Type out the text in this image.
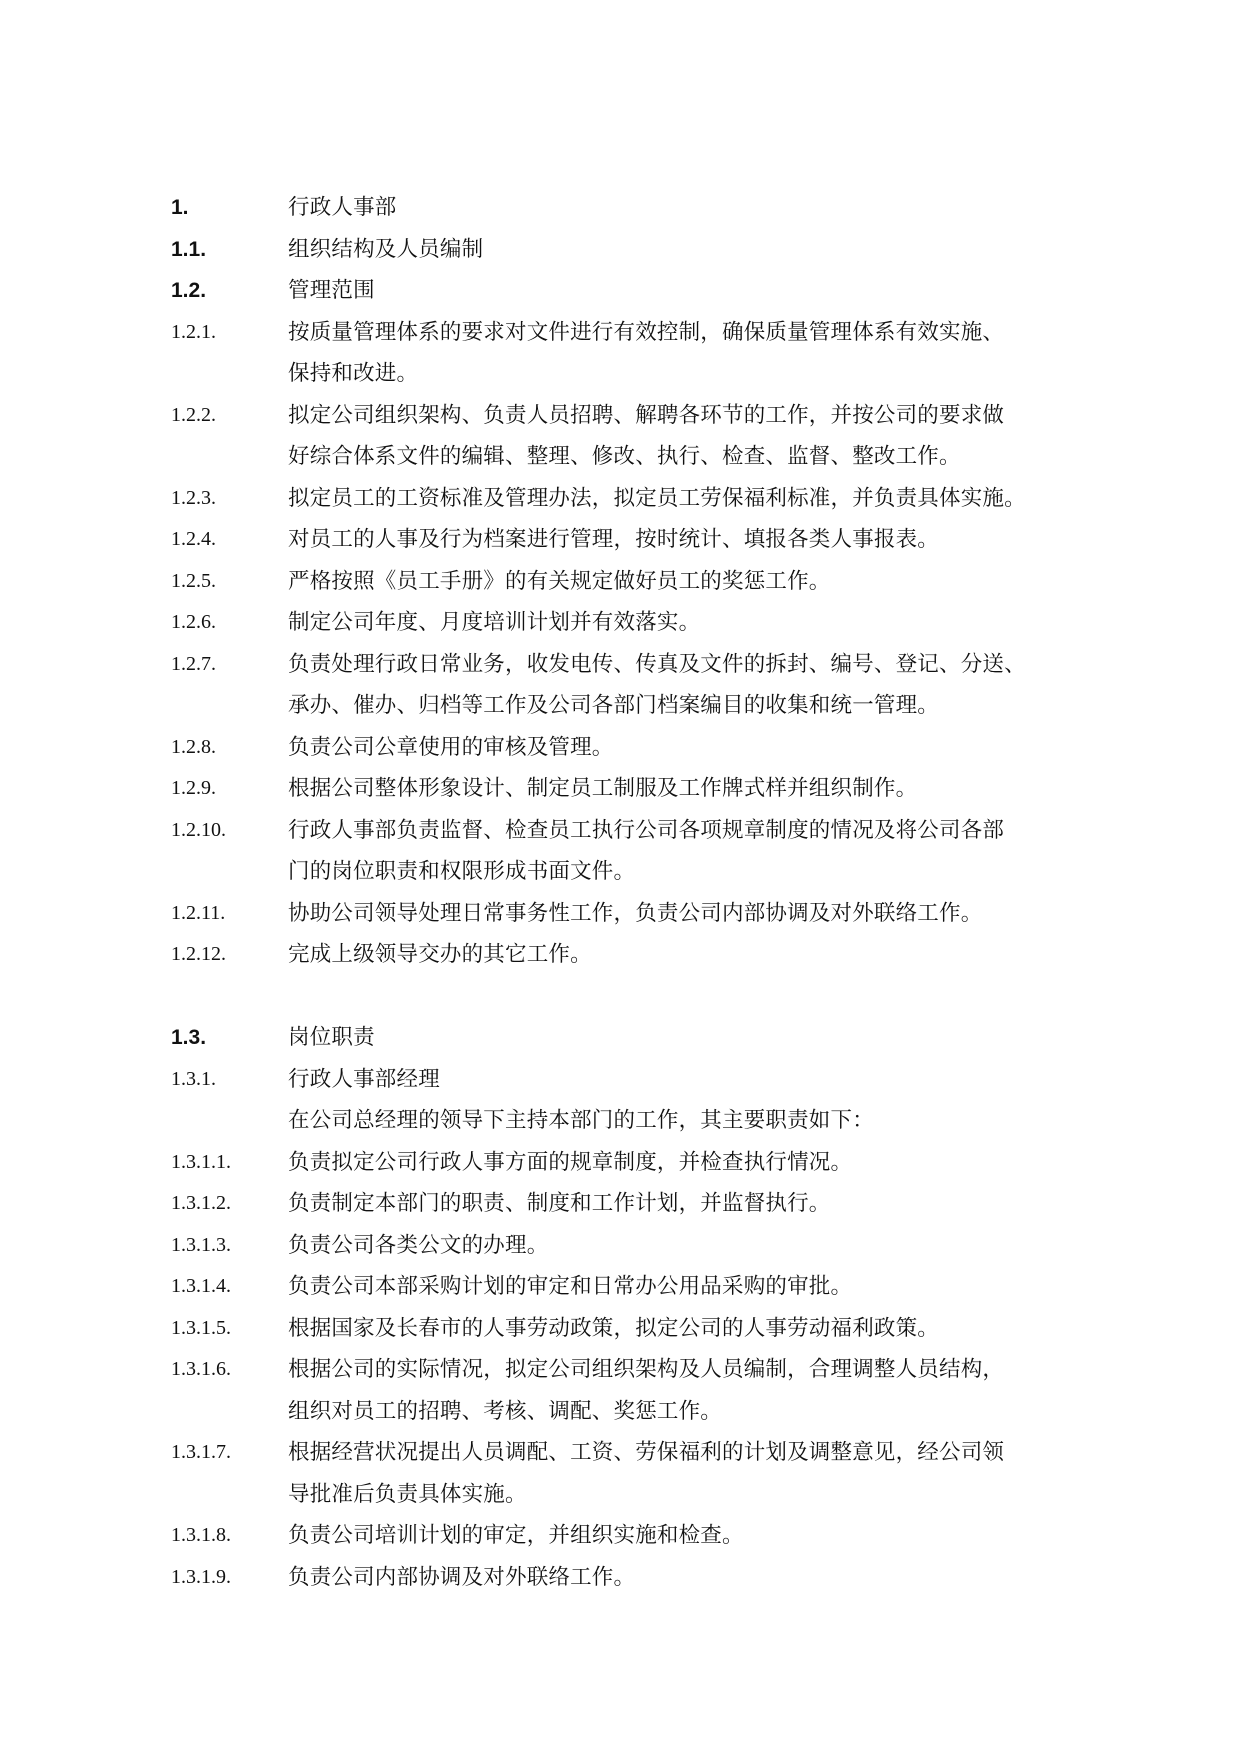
1.	行政人事部
1.1.	组织结构及人员编制
1.2.	管理范围
1.2.1.	按质量管理体系的要求对文件进行有效控制，确保质量管理体系有效实施、
保持和改进。
1.2.2.	拟定公司组织架构、负责人员招聘、解聘各环节的工作，并按公司的要求做
好综合体系文件的编辑、整理、修改、执行、检查、监督、整改工作。
1.2.3.	拟定员工的工资标准及管理办法，拟定员工劳保福利标准，并负责具体实施。
1.2.4.	对员工的人事及行为档案进行管理，按时统计、填报各类人事报表。
1.2.5.	严格按照《员工手册》的有关规定做好员工的奖惩工作。
1.2.6.	制定公司年度、月度培训计划并有效落实。
1.2.7.	负责处理行政日常业务，收发电传、传真及文件的拆封、编号、登记、分送、
承办、催办、归档等工作及公司各部门档案编目的收集和统一管理。
1.2.8.	负责公司公章使用的审核及管理。
1.2.9.	根据公司整体形象设计、制定员工制服及工作牌式样并组织制作。
1.2.10.	行政人事部负责监督、检查员工执行公司各项规章制度的情况及将公司各部
门的岗位职责和权限形成书面文件。
1.2.11.	协助公司领导处理日常事务性工作，负责公司内部协调及对外联络工作。
1.2.12.	完成上级领导交办的其它工作。
1.3.	岗位职责
1.3.1.	行政人事部经理
在公司总经理的领导下主持本部门的工作，其主要职责如下：
1.3.1.1.	负责拟定公司行政人事方面的规章制度，并检查执行情况。
1.3.1.2.	负责制定本部门的职责、制度和工作计划，并监督执行。
1.3.1.3.	负责公司各类公文的办理。
1.3.1.4.	负责公司本部采购计划的审定和日常办公用品采购的审批。
1.3.1.5.	根据国家及长春市的人事劳动政策，拟定公司的人事劳动福利政策。
1.3.1.6.	根据公司的实际情况，拟定公司组织架构及人员编制，合理调整人员结构，
组织对员工的招聘、考核、调配、奖惩工作。
1.3.1.7.	根据经营状况提出人员调配、工资、劳保福利的计划及调整意见，经公司领
导批准后负责具体实施。
1.3.1.8.	负责公司培训计划的审定，并组织实施和检查。
1.3.1.9.	负责公司内部协调及对外联络工作。
